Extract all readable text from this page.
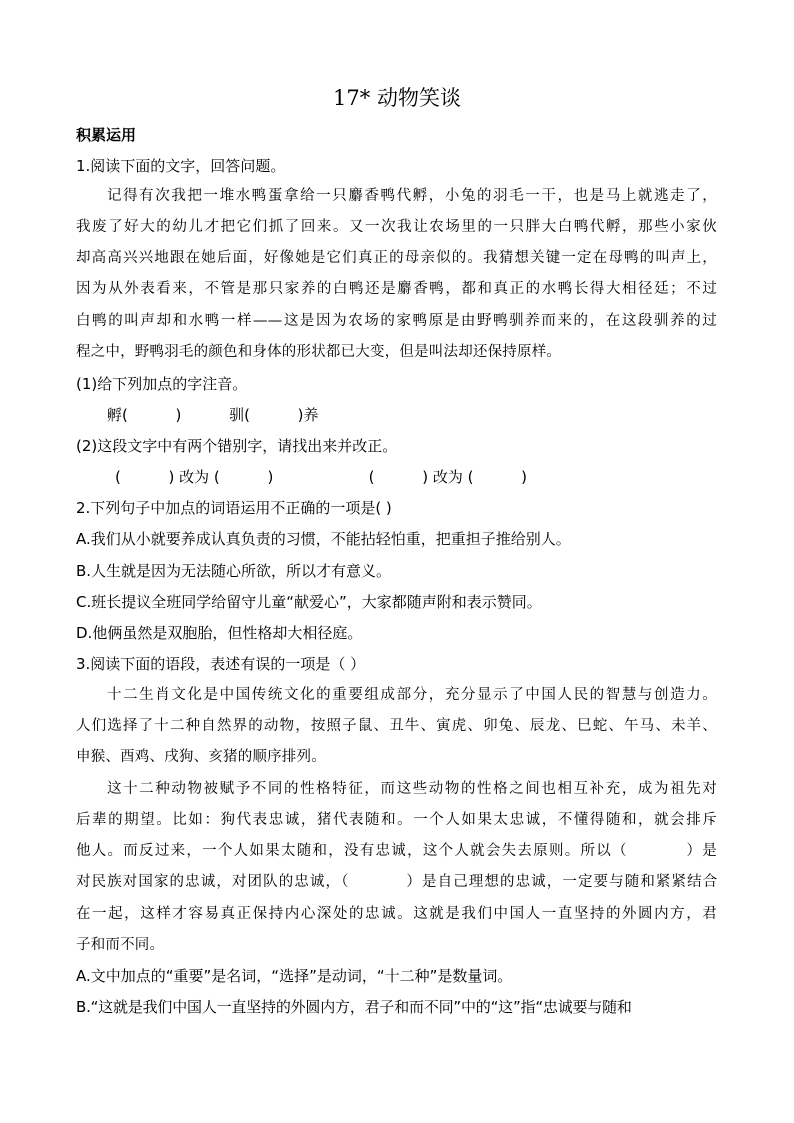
17* 动物笑谈
积累运用
1.阅读下面的文字，回答问题。
记得有次我把一堆水鸭蛋拿给一只麝香鸭代孵，小兔的羽毛一干，也是马上就逃走了，
我废了好大的幼儿才把它们抓了回来。又一次我让农场里的一只胖大白鸭代孵，那些小家伙
却高高兴兴地跟在她后面，好像她是它们真正的母亲似的。我猜想关键一定在母鸭的叫声上，
因为从外表看来，不管是那只家养的白鸭还是麝香鸭，都和真正的水鸭长得大相径廷；不过
白鸭的叫声却和水鸭一样——这是因为农场的家鸭原是由野鸭驯养而来的，在这段驯养的过
程之中，野鸭羽毛的颜色和身体的形状都已大变，但是叫法却还保持原样。
(1)给下列加点的字注音。
孵(          )          驯(          )养
(2)这段文字中有两个错别字，请找出来并改正。
(          ) 改为 (          )                    (          ) 改为 (          )
2.下列句子中加点的词语运用不正确的一项是( )
A.我们从小就要养成认真负责的习惯，不能拈轻怕重，把重担子推给别人。
B.人生就是因为无法随心所欲，所以才有意义。
C.班长提议全班同学给留守儿童“献爱心”，大家都随声附和表示赞同。
D.他俩虽然是双胞胎，但性格却大相径庭。
3.阅读下面的语段，表述有误的一项是（ ）
十二生肖文化是中国传统文化的重要组成部分，充分显示了中国人民的智慧与创造力。
人们选择了十二种自然界的动物，按照子鼠、丑牛、寅虎、卯兔、辰龙、巳蛇、午马、未羊、
申猴、酉鸡、戌狗、亥猪的顺序排列。
这十二种动物被赋予不同的性格特征，而这些动物的性格之间也相互补充，成为祖先对
后辈的期望。比如：狗代表忠诚，猪代表随和。一个人如果太忠诚，不懂得随和，就会排斥
他人。而反过来，一个人如果太随和，没有忠诚，这个人就会失去原则。所以（          ）是
对民族对国家的忠诚，对团队的忠诚，（          ）是自己理想的忠诚，一定要与随和紧紧结合
在一起，这样才容易真正保持内心深处的忠诚。这就是我们中国人一直坚持的外圆内方，君
子和而不同。
A.文中加点的“重要”是名词，“选择”是动词，“十二种”是数量词。
B.“这就是我们中国人一直坚持的外圆内方，君子和而不同”中的“这”指“忠诚要与随和
